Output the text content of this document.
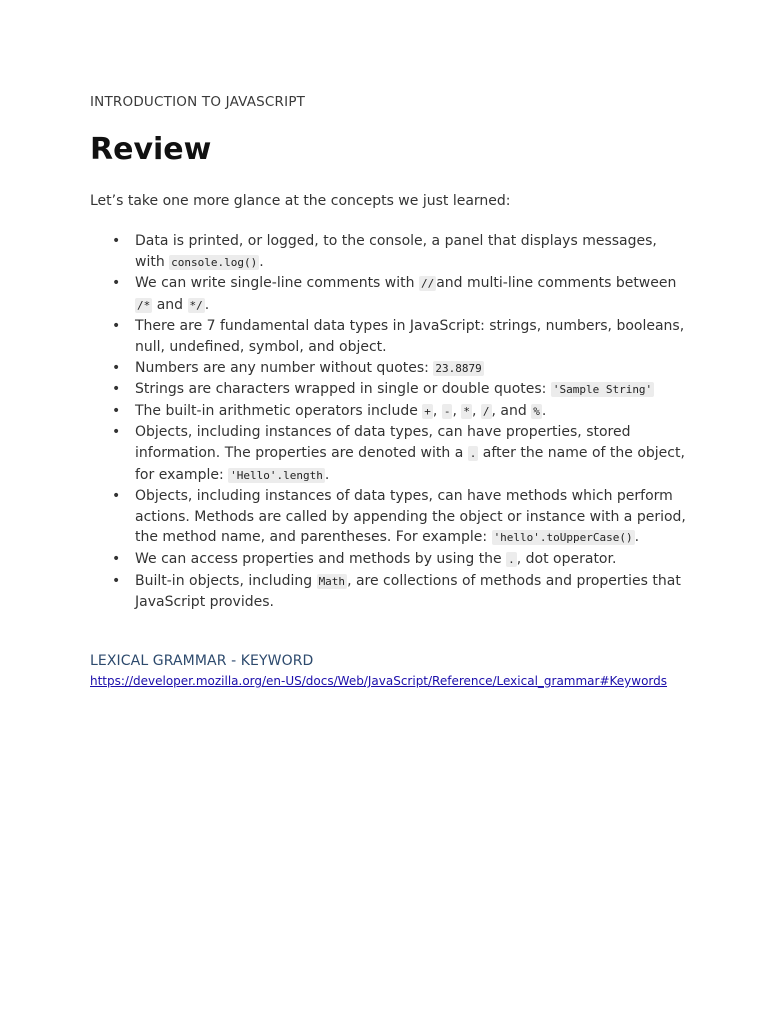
INTRODUCTION TO JAVASCRIPT
Review

Let’s take one more glance at the concepts we just learned:

• Data is printed, or logged, to the console, a panel that displays messages, with console.log() .
• We can write single-line comments with // and multi-line comments between /* and */ .
• There are 7 fundamental data types in JavaScript: strings, numbers, booleans, null, undefined, symbol, and object.
• Numbers are any number without quotes: 23.8879
• Strings are characters wrapped in single or double quotes: 'Sample String'
• The built-in arithmetic operators include + , - , * , / , and % .
• Objects, including instances of data types, can have properties, stored information. The properties are denoted with a . after the name of the object, for example: 'Hello'.length .
• Objects, including instances of data types, can have methods which perform actions. Methods are called by appending the object or instance with a period, the method name, and parentheses. For example: 'hello'.toUpperCase() .
• We can access properties and methods by using the . , dot operator.
• Built-in objects, including Math , are collections of methods and properties that JavaScript provides.
LEXICAL GRAMMAR - KEYWORD
https://developer.mozilla.org/en-US/docs/Web/JavaScript/Reference/Lexical_grammar#Keywords
